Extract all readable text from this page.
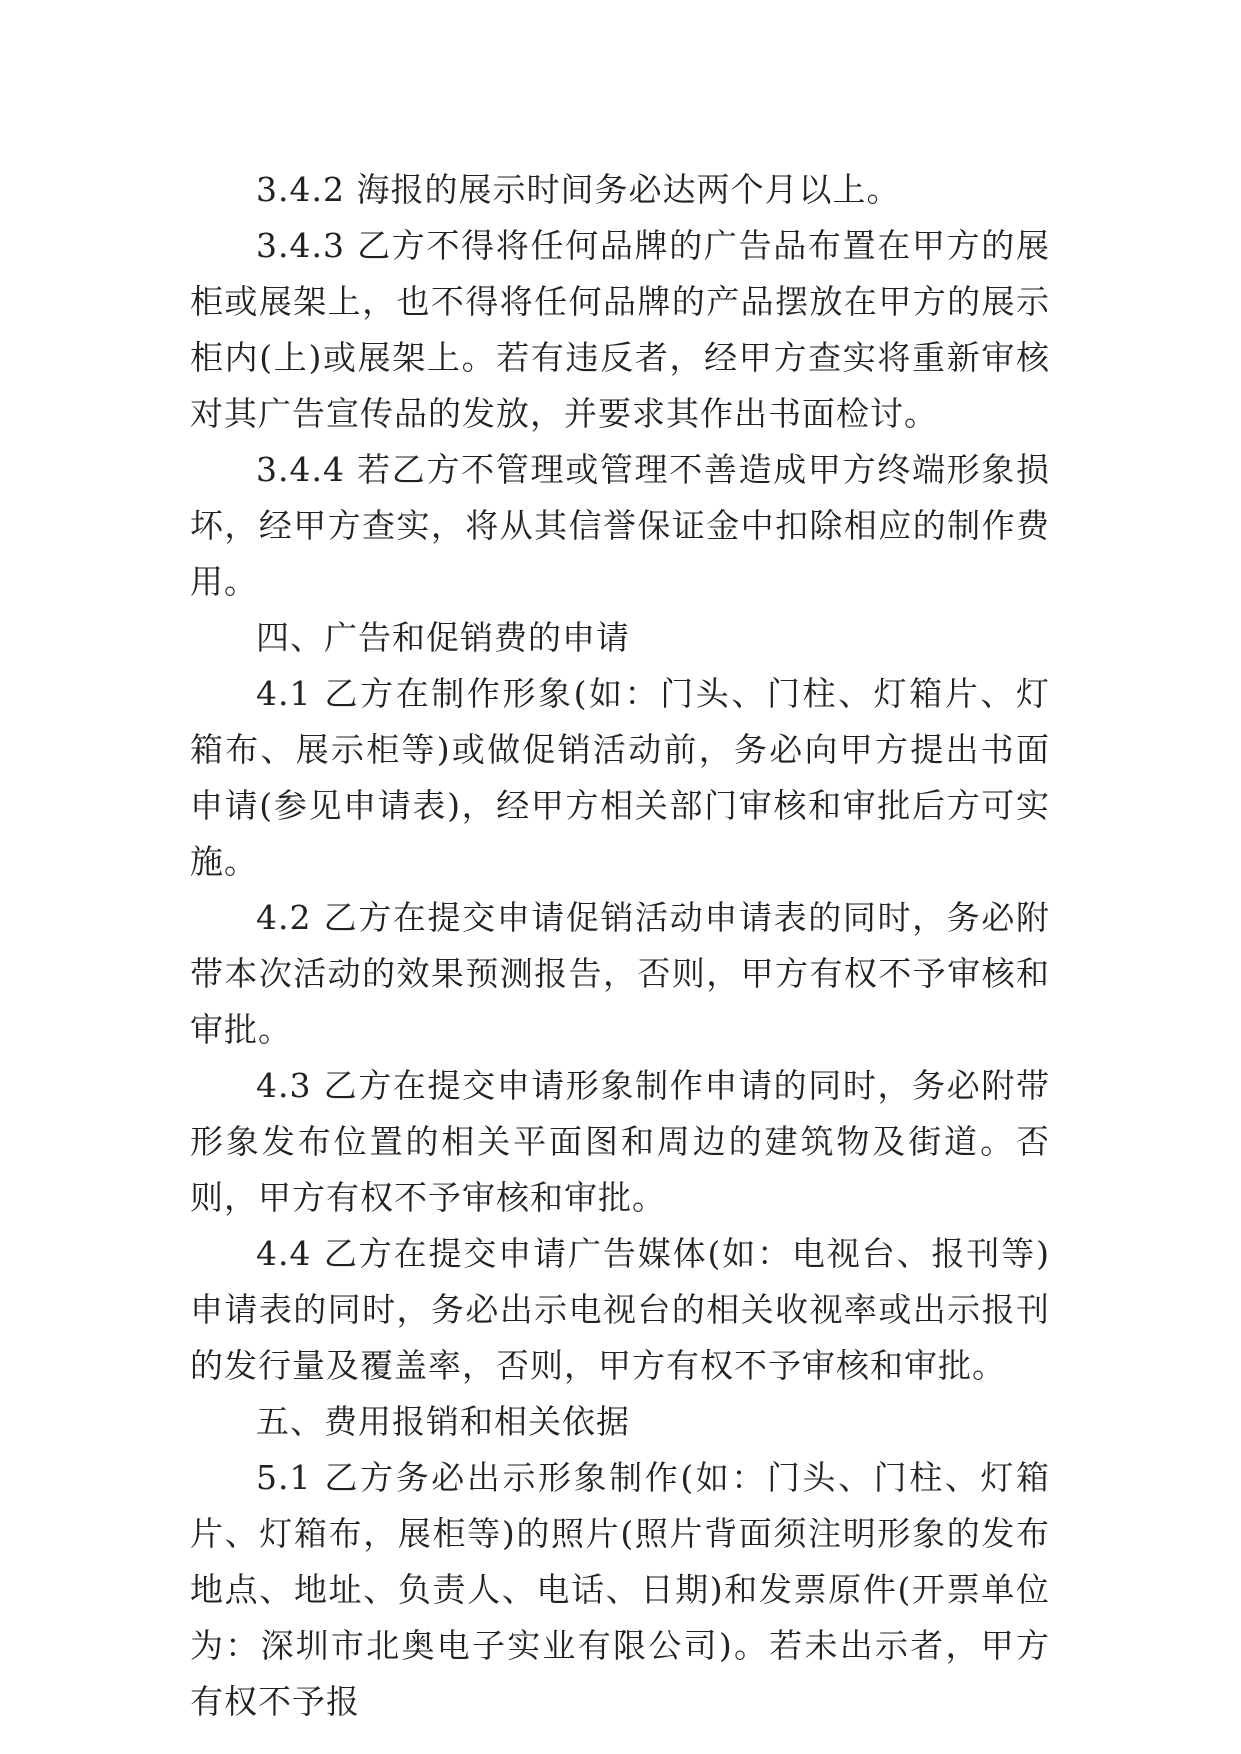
3.4.2 海报的展示时间务必达两个月以上。

3.4.3 乙方不得将任何品牌的广告品布置在甲方的展柜或展架上，也不得将任何品牌的产品摆放在甲方的展示柜内(上)或展架上。若有违反者，经甲方查实将重新审核对其广告宣传品的发放，并要求其作出书面检讨。

3.4.4 若乙方不管理或管理不善造成甲方终端形象损坏，经甲方查实，将从其信誉保证金中扣除相应的制作费用。

四、广告和促销费的申请

4.1 乙方在制作形象(如：门头、门柱、灯箱片、灯箱布、展示柜等)或做促销活动前，务必向甲方提出书面申请(参见申请表)，经甲方相关部门审核和审批后方可实施。

4.2 乙方在提交申请促销活动申请表的同时，务必附带本次活动的效果预测报告，否则，甲方有权不予审核和审批。

4.3 乙方在提交申请形象制作申请的同时，务必附带形象发布位置的相关平面图和周边的建筑物及街道。否则，甲方有权不予审核和审批。

4.4 乙方在提交申请广告媒体(如：电视台、报刊等)申请表的同时，务必出示电视台的相关收视率或出示报刊的发行量及覆盖率，否则，甲方有权不予审核和审批。

五、费用报销和相关依据

5.1 乙方务必出示形象制作(如：门头、门柱、灯箱片、灯箱布，展柜等)的照片(照片背面须注明形象的发布地点、地址、负责人、电话、日期)和发票原件(开票单位为：深圳市北奥电子实业有限公司)。若未出示者，甲方有权不予报
